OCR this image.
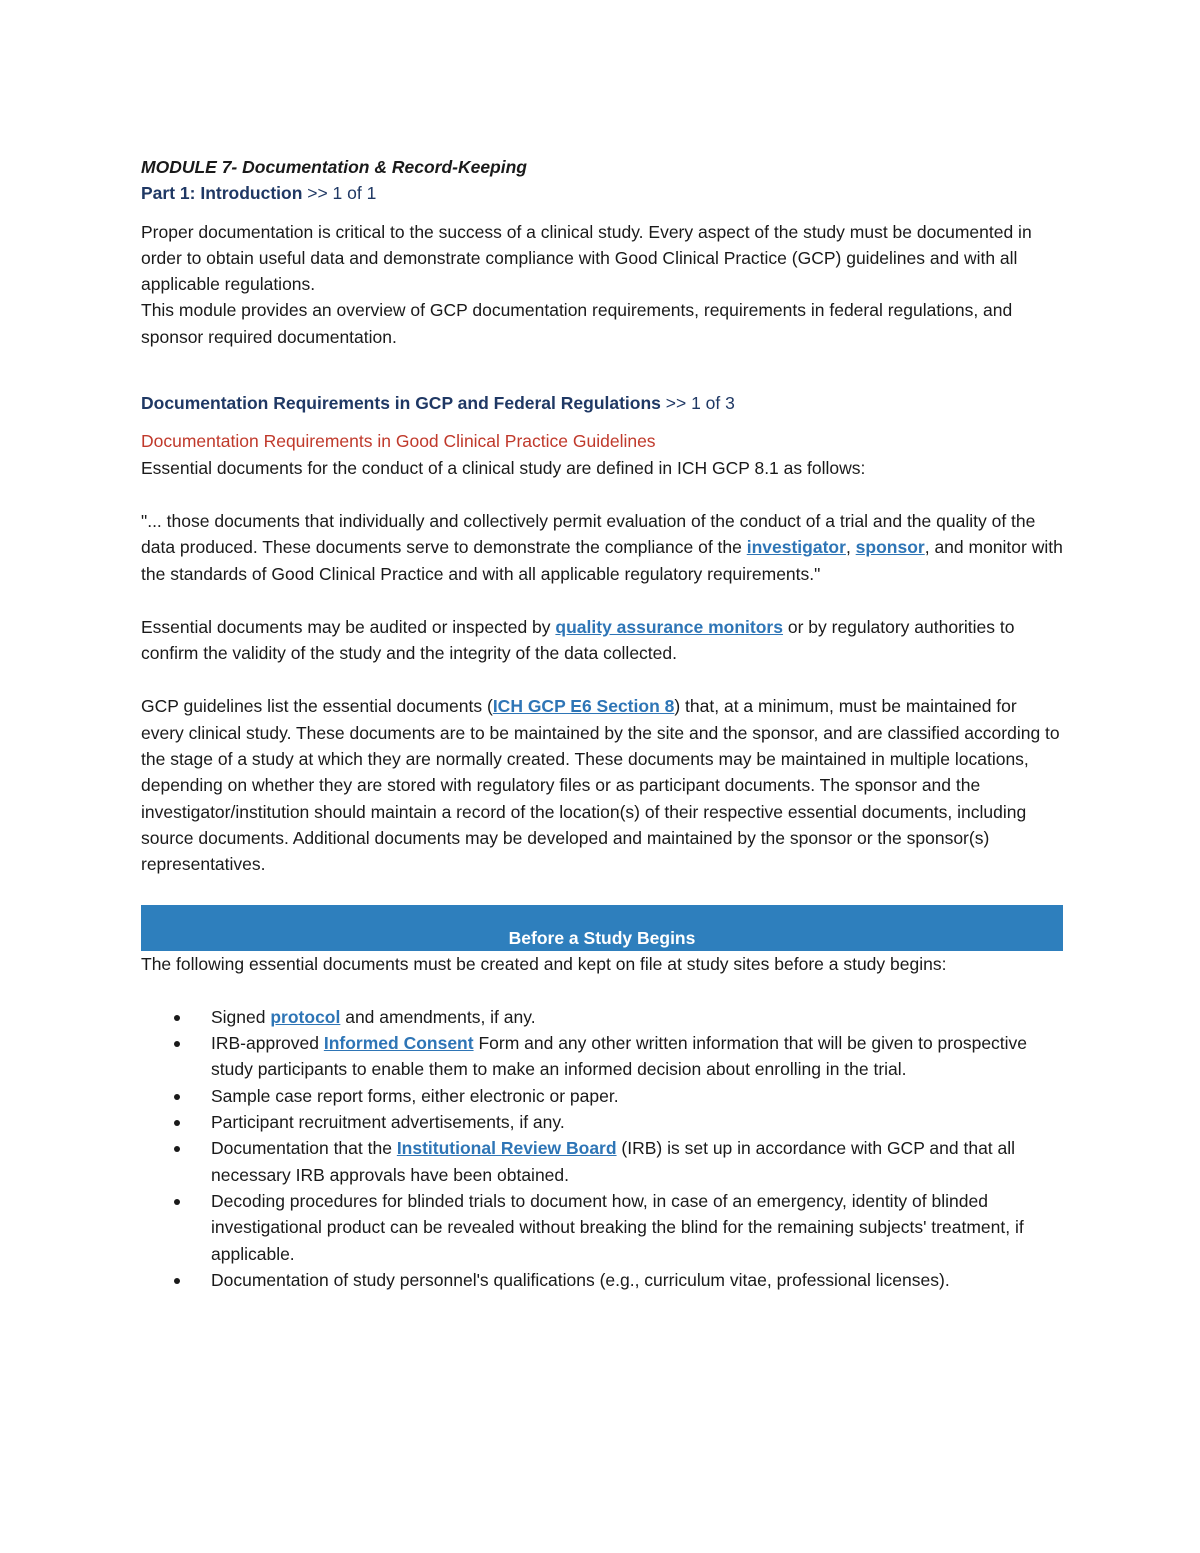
MODULE 7- Documentation & Record-Keeping

Part 1: Introduction >> 1 of 1

Proper documentation is critical to the success of a clinical study. Every aspect of the study must be documented in order to obtain useful data and demonstrate compliance with Good Clinical Practice (GCP) guidelines and with all applicable regulations.

This module provides an overview of GCP documentation requirements, requirements in federal regulations, and sponsor required documentation.

Documentation Requirements in GCP and Federal Regulations >> 1 of 3

Documentation Requirements in Good Clinical Practice Guidelines

Essential documents for the conduct of a clinical study are defined in ICH GCP 8.1 as follows:

"... those documents that individually and collectively permit evaluation of the conduct of a trial and the quality of the data produced. These documents serve to demonstrate the compliance of the investigator, sponsor, and monitor with the standards of Good Clinical Practice and with all applicable regulatory requirements."

Essential documents may be audited or inspected by quality assurance monitors or by regulatory authorities to confirm the validity of the study and the integrity of the data collected.

GCP guidelines list the essential documents (ICH GCP E6 Section 8) that, at a minimum, must be maintained for every clinical study. These documents are to be maintained by the site and the sponsor, and are classified according to the stage of a study at which they are normally created. These documents may be maintained in multiple locations, depending on whether they are stored with regulatory files or as participant documents. The sponsor and the investigator/institution should maintain a record of the location(s) of their respective essential documents, including source documents. Additional documents may be developed and maintained by the sponsor or the sponsor(s) representatives.

Before a Study Begins

The following essential documents must be created and kept on file at study sites before a study begins:

Signed protocol and amendments, if any.
IRB-approved Informed Consent Form and any other written information that will be given to prospective study participants to enable them to make an informed decision about enrolling in the trial.
Sample case report forms, either electronic or paper.
Participant recruitment advertisements, if any.
Documentation that the Institutional Review Board (IRB) is set up in accordance with GCP and that all necessary IRB approvals have been obtained.
Decoding procedures for blinded trials to document how, in case of an emergency, identity of blinded investigational product can be revealed without breaking the blind for the remaining subjects' treatment, if applicable.
Documentation of study personnel's qualifications (e.g., curriculum vitae, professional licenses).
